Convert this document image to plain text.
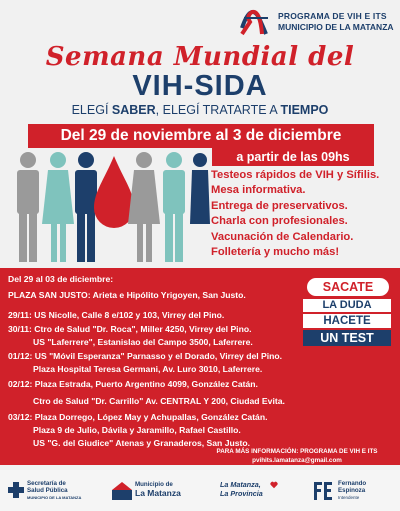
PROGRAMA DE VIH E ITS
MUNICIPIO DE LA MATANZA
Semana Mundial del
VIH-SIDA
ELEGÍ SABER, ELEGÍ TRATARTE A TIEMPO
Del 29 de noviembre al 3 de diciembre
a partir de las 09hs
Testeos rápidos de VIH y Sífilis.
Mesa informativa.
Entrega de preservativos.
Charla con profesionales.
Vacunación de Calendario.
Folletería y mucho más!
Del 29 al 03 de diciembre:
PLAZA SAN JUSTO: Arieta e Hipólito Yrigoyen, San Justo.
29/11: US Nicolle, Calle 8 e/102 y 103, Virrey del Pino.
30/11: Ctro de Salud "Dr. Roca", Miller 4250, Virrey del Pino.
US "Laferrere", Estanislao del Campo 3500, Laferrere.
01/12: US "Móvil Esperanza" Parnasso y el Dorado, Virrey del Pino.
Plaza Hospital Teresa Germani, Av. Luro 3010, Laferrere.
02/12: Plaza Estrada, Puerto Argentino 4099, González Catán.
Ctro de Salud "Dr. Carrillo" Av. CENTRAL Y 200, Ciudad Evita.
03/12: Plaza Dorrego, López May y Achupallas, González Catán.
Plaza 9 de Julio, Dávila y Jaramillo, Rafael Castillo.
US "G. del Giudice" Atenas y Granaderos, San Justo.
SACATE
LA DUDA
HACETE
UN TEST
PARA MÁS INFORMACIÓN: PROGRAMA DE VIH E ITS
pvihits.lamatanza@gmail.com
Secretaría de
Salud Pública
MUNICIPIO DE LA MATANZA
Municipio de
La Matanza
La Matanza,
La Provincia
Fernando
Espinoza
Intendente
